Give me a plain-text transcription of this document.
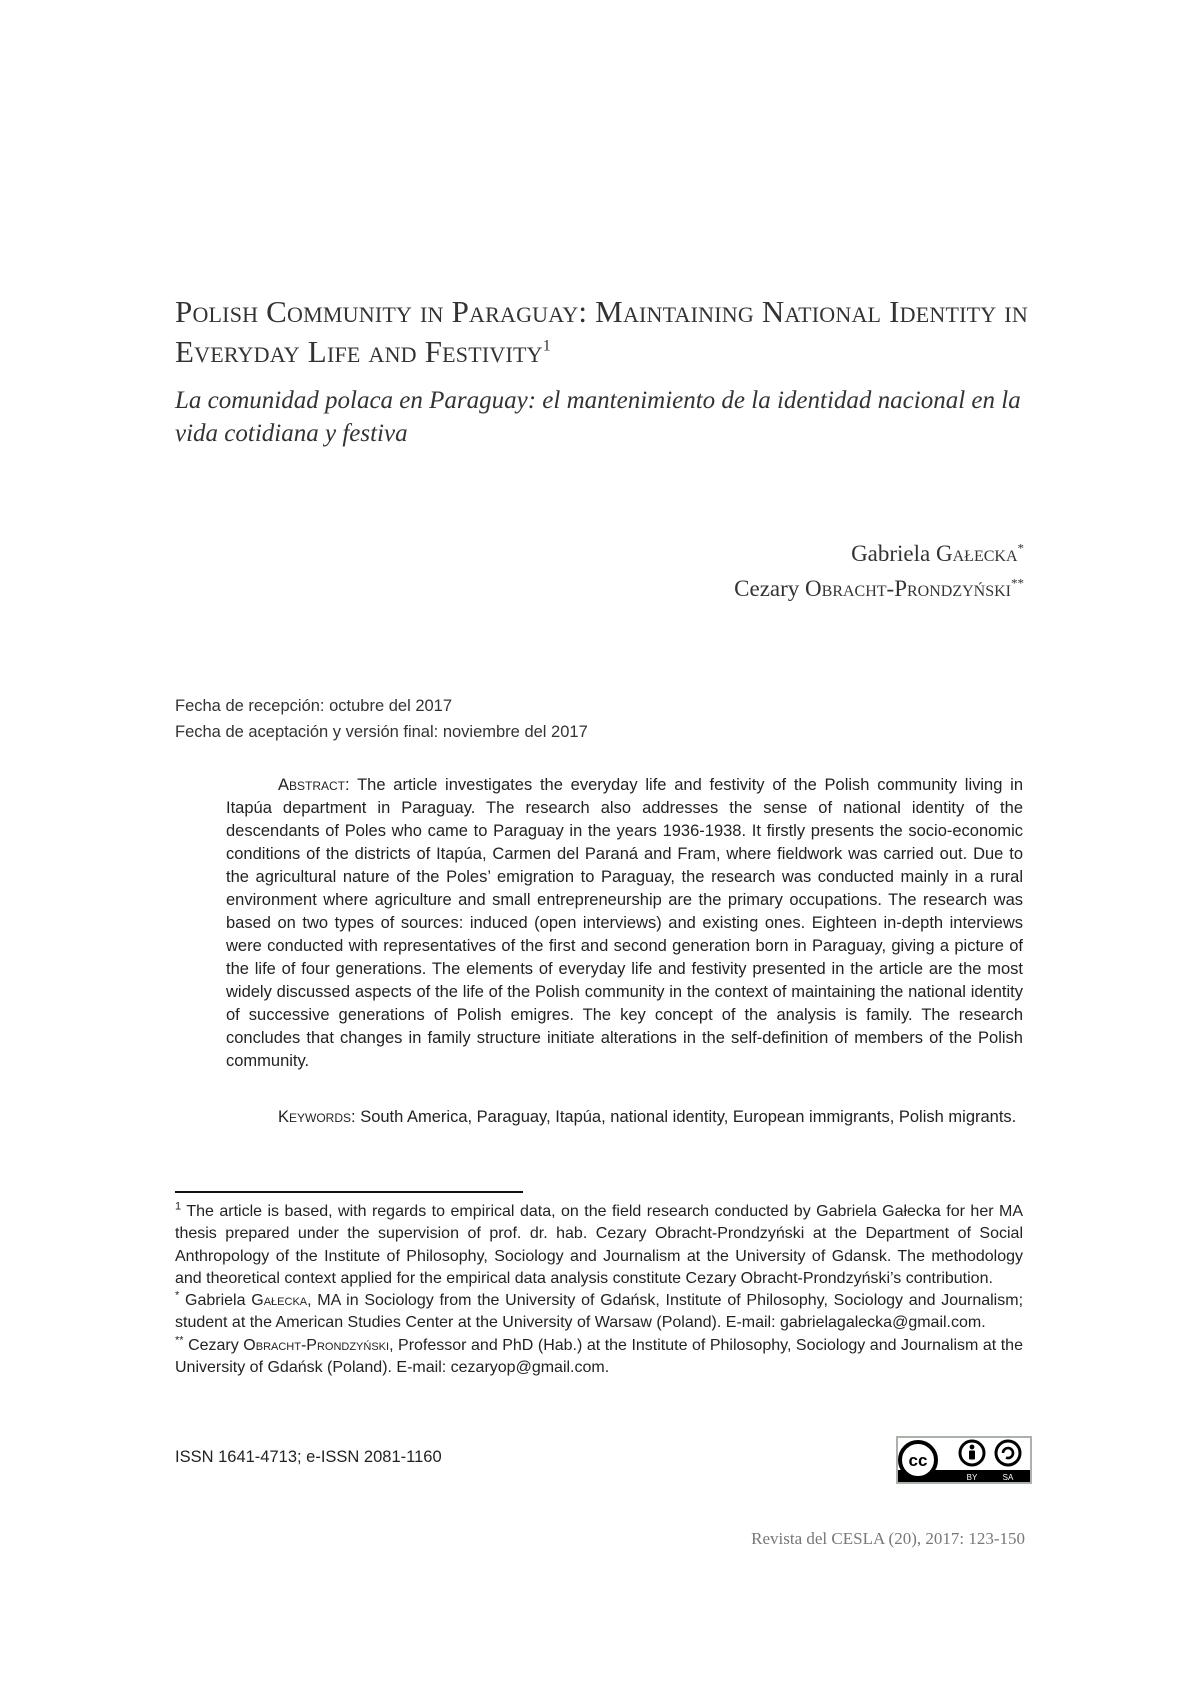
Polish Community in Paraguay: Maintaining National Identity in Everyday Life and Festivity$^1$

La comunidad polaca en Paraguay: el mantenimiento de la identidad nacional en la vida cotidiana y festiva

Gabriela Gałecka*
Cezary Obracht-Prondzyński**
Fecha de recepción: octubre del 2017
Fecha de aceptación y versión final: noviembre del 2017

Abstract: The article investigates the everyday life and festivity of the Polish community living in Itapúa department in Paraguay. The research also addresses the sense of national identity of the descendants of Poles who came to Paraguay in the years 1936-1938. It firstly presents the socio-economic conditions of the districts of Itapúa, Carmen del Paraná and Fram, where fieldwork was carried out. Due to the agricultural nature of the Poles’ emigration to Paraguay, the research was conducted mainly in a rural environment where agriculture and small entrepreneurship are the primary occupations. The research was based on two types of sources: induced (open interviews) and existing ones. Eighteen in-depth interviews were conducted with representatives of the first and second generation born in Paraguay, giving a picture of the life of four generations. The elements of everyday life and festivity presented in the article are the most widely discussed aspects of the life of the Polish community in the context of maintaining the national identity of successive generations of Polish emigres. The key concept of the analysis is family. The research concludes that changes in family structure initiate alterations in the self-definition of members of the Polish community.

Keywords: South America, Paraguay, Itapúa, national identity, European immigrants, Polish migrants.

$^1$ The article is based, with regards to empirical data, on the field research conducted by Gabriela Gałecka for her MA thesis prepared under the supervision of prof. dr. hab. Cezary Obracht-Prondzyński at the Department of Social Anthropology of the Institute of Philosophy, Sociology and Journalism at the University of Gdansk. The methodology and theoretical context applied for the empirical data analysis constitute Cezary Obracht-Prondzyński’s contribution.

* Gabriela Gałecka, MA in Sociology from the University of Gdańsk, Institute of Philosophy, Sociology and Journalism; student at the American Studies Center at the University of Warsaw (Poland). E-mail: gabrielagalecka@gmail.com.

** Cezary Obracht-Prondzyński, Professor and PhD (Hab.) at the Institute of Philosophy, Sociology and Journalism at the University of Gdańsk (Poland). E-mail: cezaryop@gmail.com.

ISSN 1641-4713; e-ISSN 2081-1160	cc
BY	SA
Revista del CESLA (20), 2017: 123-150
